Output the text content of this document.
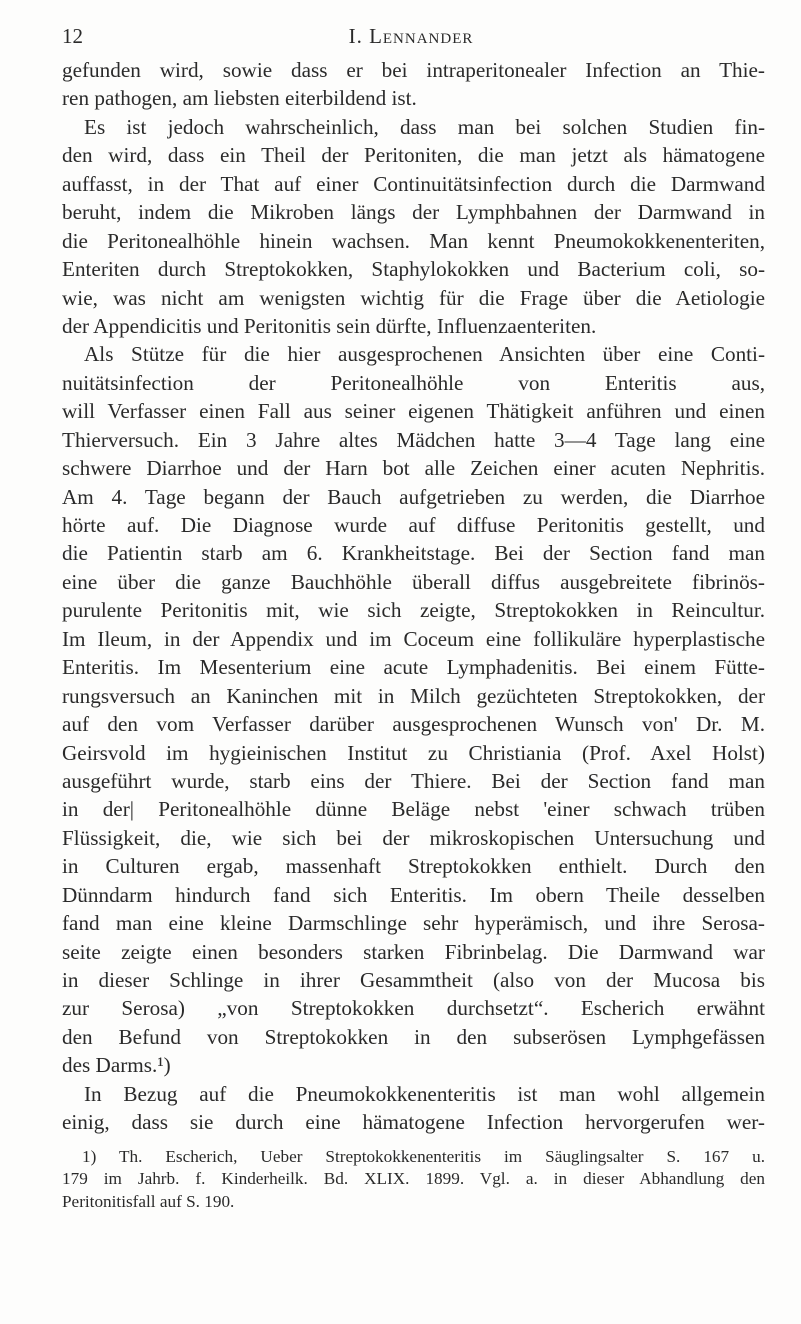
12	I. Lennander
gefunden wird, sowie dass er bei intraperitonealer Infection an Thie-
ren pathogen, am liebsten eiterbildend ist.
Es ist jedoch wahrscheinlich, dass man bei solchen Studien fin-
den wird, dass ein Theil der Peritoniten, die man jetzt als hämatogene
auffasst, in der That auf einer Continuitätsinfection durch die Darmwand
beruht, indem die Mikroben längs der Lymphbahnen der Darmwand in
die Peritonealhöhle hinein wachsen. Man kennt Pneumokokkenenteriten,
Enteriten durch Streptokokken, Staphylokokken und Bacterium coli, so-
wie, was nicht am wenigsten wichtig für die Frage über die Aetiologie
der Appendicitis und Peritonitis sein dürfte, Influenzaenteriten.
Als Stütze für die hier ausgesprochenen Ansichten über eine Conti-
nuitätsinfection der Peritonealhöhle von Enteritis aus,
will Verfasser einen Fall aus seiner eigenen Thätigkeit anführen und einen
Thierversuch. Ein 3 Jahre altes Mädchen hatte 3—4 Tage lang eine
schwere Diarrhoe und der Harn bot alle Zeichen einer acuten Nephritis.
Am 4. Tage begann der Bauch aufgetrieben zu werden, die Diarrhoe
hörte auf. Die Diagnose wurde auf diffuse Peritonitis gestellt, und
die Patientin starb am 6. Krankheitstage. Bei der Section fand man
eine über die ganze Bauchhöhle überall diffus ausgebreitete fibrinös-
purulente Peritonitis mit, wie sich zeigte, Streptokokken in Reincultur.
Im Ileum, in der Appendix und im Coceum eine follikuläre hyperplastische
Enteritis. Im Mesenterium eine acute Lymphadenitis. Bei einem Fütte-
rungsversuch an Kaninchen mit in Milch gezüchteten Streptokokken, der
auf den vom Verfasser darüber ausgesprochenen Wunsch von' Dr. M.
Geirsvold im hygieinischen Institut zu Christiania (Prof. Axel Holst)
ausgeführt wurde, starb eins der Thiere. Bei der Section fand man
in der| Peritonealhöhle dünne Beläge nebst 'einer schwach trüben
Flüssigkeit, die, wie sich bei der mikroskopischen Untersuchung und
in Culturen ergab, massenhaft Streptokokken enthielt. Durch den
Dünndarm hindurch fand sich Enteritis. Im obern Theile desselben
fand man eine kleine Darmschlinge sehr hyperämisch, und ihre Serosa-
seite zeigte einen besonders starken Fibrinbelag. Die Darmwand war
in dieser Schlinge in ihrer Gesammtheit (also von der Mucosa bis
zur Serosa) „von Streptokokken durchsetzt“. Escherich erwähnt
den Befund von Streptokokken in den subserösen Lymphgefässen
des Darms.¹)
In Bezug auf die Pneumokokkenenteritis ist man wohl allgemein
einig, dass sie durch eine hämatogene Infection hervorgerufen wer-
1) Th. Escherich, Ueber Streptokokkenenteritis im Säuglingsalter S. 167 u.
179 im Jahrb. f. Kinderheilk. Bd. XLIX. 1899. Vgl. a. in dieser Abhandlung den
Peritonitisfall auf S. 190.
